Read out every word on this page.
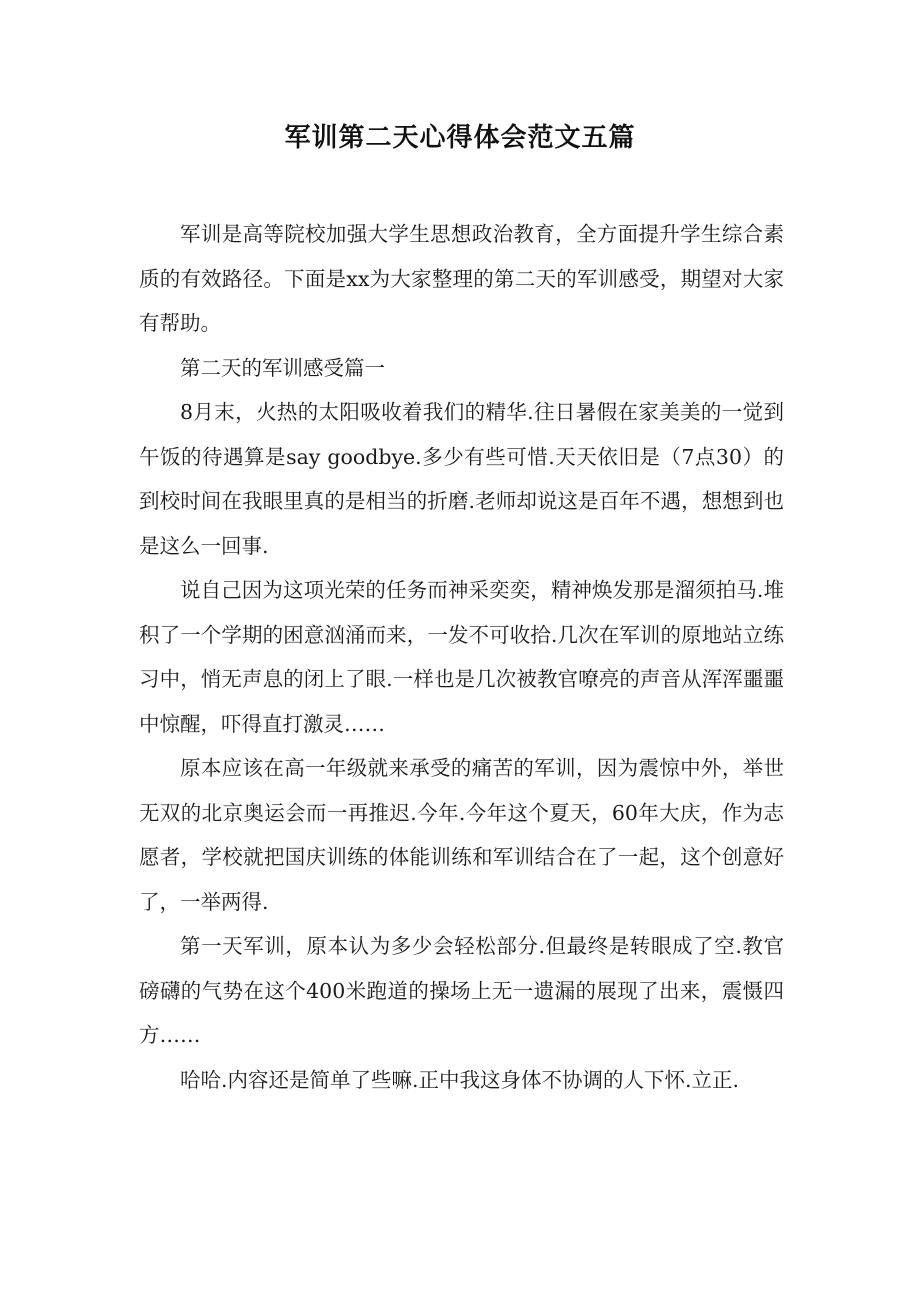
军训第二天心得体会范文五篇

军训是高等院校加强大学生思想政治教育，全方面提升学生综合素质的有效路径。下面是xx为大家整理的第二天的军训感受，期望对大家有帮助。

第二天的军训感受篇一

8月末，火热的太阳吸收着我们的精华.往日暑假在家美美的一觉到午饭的待遇算是say goodbye.多少有些可惜.天天依旧是（7点30）的到校时间在我眼里真的是相当的折磨.老师却说这是百年不遇，想想到也是这么一回事.

说自己因为这项光荣的任务而神采奕奕，精神焕发那是溜须拍马.堆积了一个学期的困意汹涌而来，一发不可收拾.几次在军训的原地站立练习中，悄无声息的闭上了眼.一样也是几次被教官嘹亮的声音从浑浑噩噩中惊醒，吓得直打激灵……

原本应该在高一年级就来承受的痛苦的军训，因为震惊中外，举世无双的北京奥运会而一再推迟.今年.今年这个夏天，60年大庆，作为志愿者，学校就把国庆训练的体能训练和军训结合在了一起，这个创意好了，一举两得.

第一天军训，原本认为多少会轻松部分.但最终是转眼成了空.教官磅礴的气势在这个400米跑道的操场上无一遗漏的展现了出来，震慑四方……

哈哈.内容还是简单了些嘛.正中我这身体不协调的人下怀.立正.
